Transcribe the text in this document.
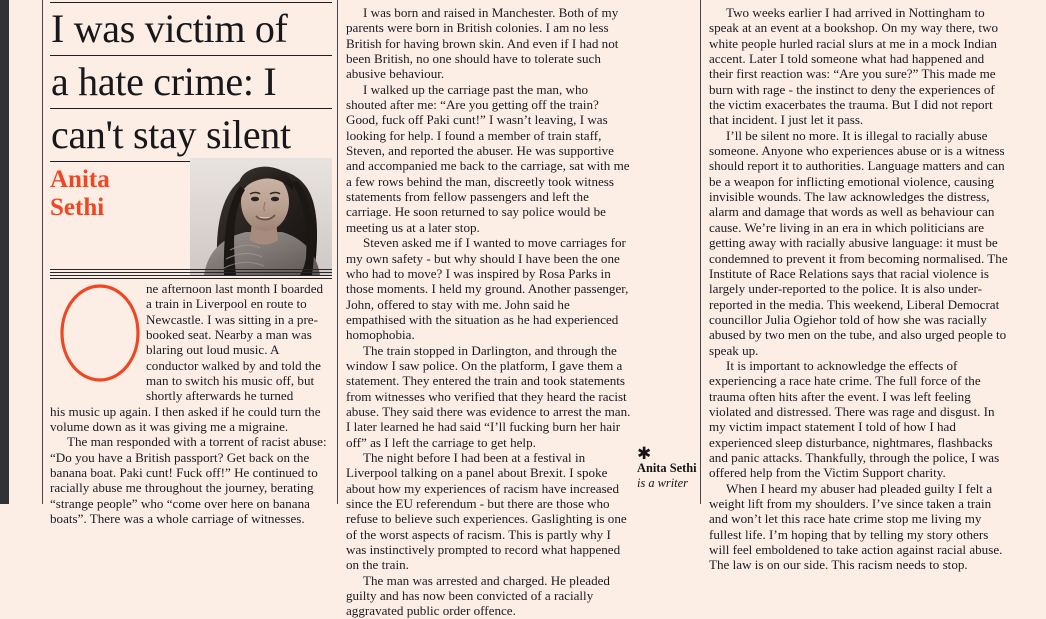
I was victim of
a hate crime: I
can't stay silent
Anita
Sethi

ne afternoon last month I boarded a train in Liverpool en route to Newcastle. I was sitting in a pre-booked seat. Nearby a man was blaring out loud music. A conductor walked by and told the man to switch his music off, but shortly afterwards he turned

his music up again. I then asked if he could turn the volume down as it was giving me a migraine.

The man responded with a torrent of racist abuse: “Do you have a British passport? Get back on the banana boat. Paki cunt! Fuck off!” He continued to racially abuse me throughout the journey, berating “strange people” who “come over here on banana boats”. There was a whole carriage of witnesses.

I was born and raised in Manchester. Both of my parents were born in British colonies. I am no less British for having brown skin. And even if I had not been British, no one should have to tolerate such abusive behaviour.

I walked up the carriage past the man, who shouted after me: “Are you getting off the train? Good, fuck off Paki cunt!” I wasn’t leaving, I was looking for help. I found a member of train staff, Steven, and reported the abuser. He was supportive and accompanied me back to the carriage, sat with me a few rows behind the man, discreetly took witness statements from fellow passengers and left the carriage. He soon returned to say police would be meeting us at a later stop.

Steven asked me if I wanted to move carriages for my own safety - but why should I have been the one who had to move? I was inspired by Rosa Parks in those moments. I held my ground. Another passenger, John, offered to stay with me. John said he empathised with the situation as he had experienced homophobia.

The train stopped in Darlington, and through the window I saw police. On the platform, I gave them a statement. They entered the train and took statements from witnesses who verified that they heard the racist abuse. They said there was evidence to arrest the man. I later learned he had said “I’ll fucking burn her hair off” as I left the carriage to get help.

The night before I had been at a festival in Liverpool talking on a panel about Brexit. I spoke about how my experiences of racism have increased since the EU referendum - but there are those who refuse to believe such experiences. Gaslighting is one of the worst aspects of racism. This is partly why I was instinctively prompted to record what happened on the train.

The man was arrested and charged. He pleaded guilty and has now been convicted of a racially aggravated public order offence.

Two weeks earlier I had arrived in Nottingham to speak at an event at a bookshop. On my way there, two white people hurled racial slurs at me in a mock Indian accent. Later I told someone what had happened and their first reaction was: “Are you sure?” This made me burn with rage - the instinct to deny the experiences of the victim exacerbates the trauma. But I did not report that incident. I just let it pass.

I’ll be silent no more. It is illegal to racially abuse someone. Anyone who experiences abuse or is a witness should report it to authorities. Language matters and can be a weapon for inflicting emotional violence, causing invisible wounds. The law acknowledges the distress, alarm and damage that words as well as behaviour can cause. We’re living in an era in which politicians are getting away with racially abusive language: it must be condemned to prevent it from becoming normalised. The Institute of Race Relations says that racial violence is largely under-reported to the police. It is also under-reported in the media. This weekend, Liberal Democrat councillor Julia Ogiehor told of how she was racially abused by two men on the tube, and also urged people to speak up.

It is important to acknowledge the effects of experiencing a race hate crime. The full force of the trauma often hits after the event. I was left feeling violated and distressed. There was rage and disgust. In my victim impact statement I told of how I had experienced sleep disturbance, nightmares, flashbacks and panic attacks. Thankfully, through the police, I was offered help from the Victim Support charity.

When I heard my abuser had pleaded guilty I felt a weight lift from my shoulders. I’ve since taken a train and won’t let this race hate crime stop me living my fullest life. I’m hoping that by telling my story others will feel emboldened to take action against racial abuse. The law is on our side. This racism needs to stop.

✱
Anita Sethi
is a writer
